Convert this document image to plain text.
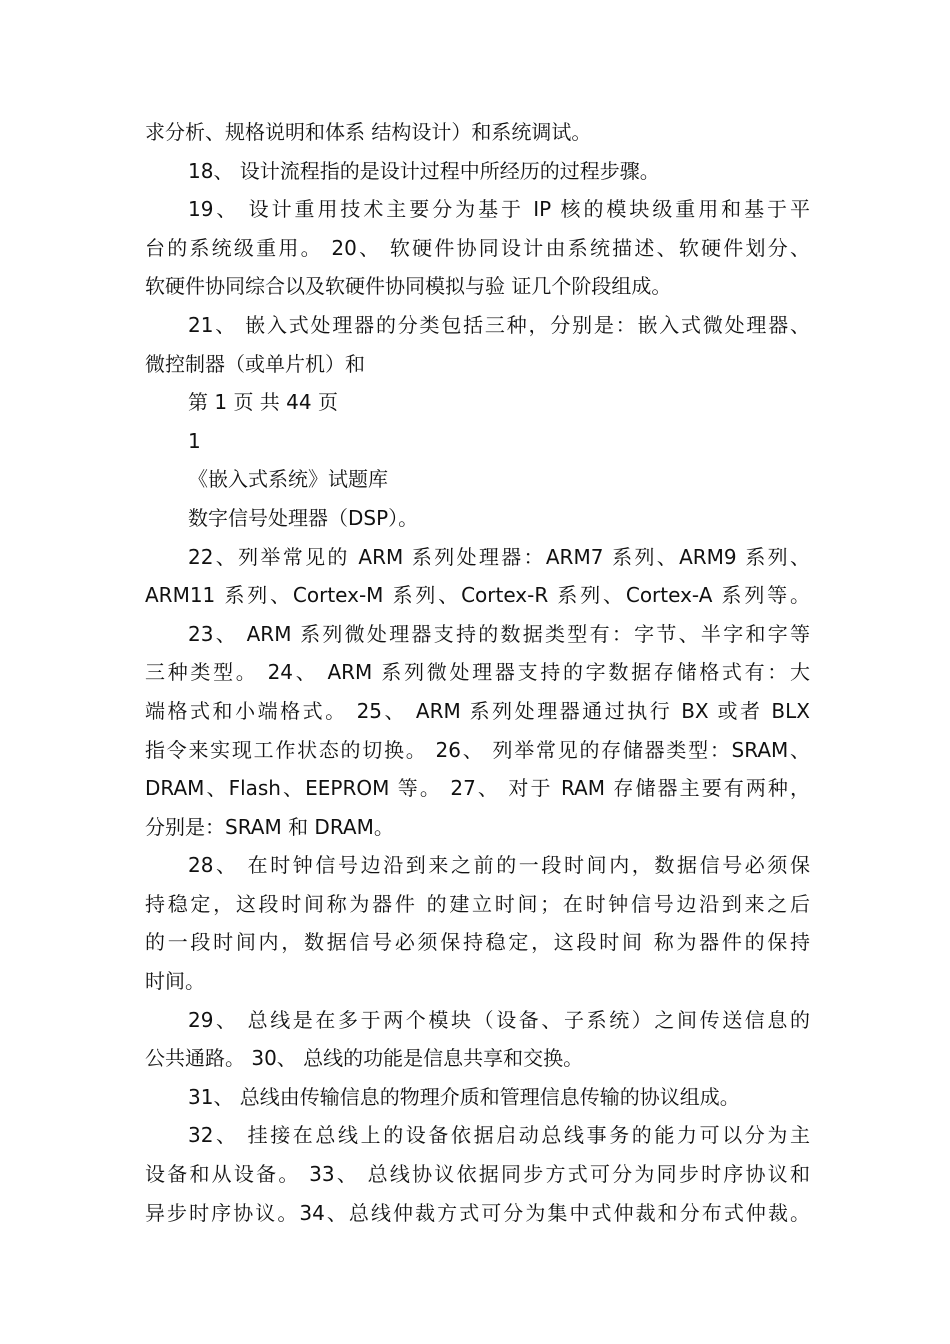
求分析、规格说明和体系 结构设计）和系统调试。
18、 设计流程指的是设计过程中所经历的过程步骤。
19、 设计重用技术主要分为基于 IP 核的模块级重用和基于平
台的系统级重用。 20、 软硬件协同设计由系统描述、软硬件划分、
软硬件协同综合以及软硬件协同模拟与验 证几个阶段组成。
21、 嵌入式处理器的分类包括三种，分别是：嵌入式微处理器、
微控制器（或单片机）和
第 1 页 共 44 页
1
《嵌入式系统》试题库
数字信号处理器（DSP）。
22、列举常见的 ARM 系列处理器：ARM7 系列、ARM9 系列、
ARM11 系列、Cortex-M 系列、Cortex-R 系列、Cortex-A 系列等。
23、 ARM 系列微处理器支持的数据类型有：字节、半字和字等
三种类型。 24、 ARM 系列微处理器支持的字数据存储格式有：大
端格式和小端格式。 25、 ARM 系列处理器通过执行 BX 或者 BLX
指令来实现工作状态的切换。 26、 列举常见的存储器类型：SRAM、
DRAM、Flash、EEPROM 等。 27、 对于 RAM 存储器主要有两种，
分别是：SRAM 和 DRAM。
28、 在时钟信号边沿到来之前的一段时间内，数据信号必须保
持稳定，这段时间称为器件 的建立时间；在时钟信号边沿到来之后
的一段时间内，数据信号必须保持稳定，这段时间 称为器件的保持
时间。
29、 总线是在多于两个模块（设备、子系统）之间传送信息的
公共通路。 30、 总线的功能是信息共享和交换。
31、 总线由传输信息的物理介质和管理信息传输的协议组成。
32、 挂接在总线上的设备依据启动总线事务的能力可以分为主
设备和从设备。 33、 总线协议依据同步方式可分为同步时序协议和
异步时序协议。34、总线仲裁方式可分为集中式仲裁和分布式仲裁。
